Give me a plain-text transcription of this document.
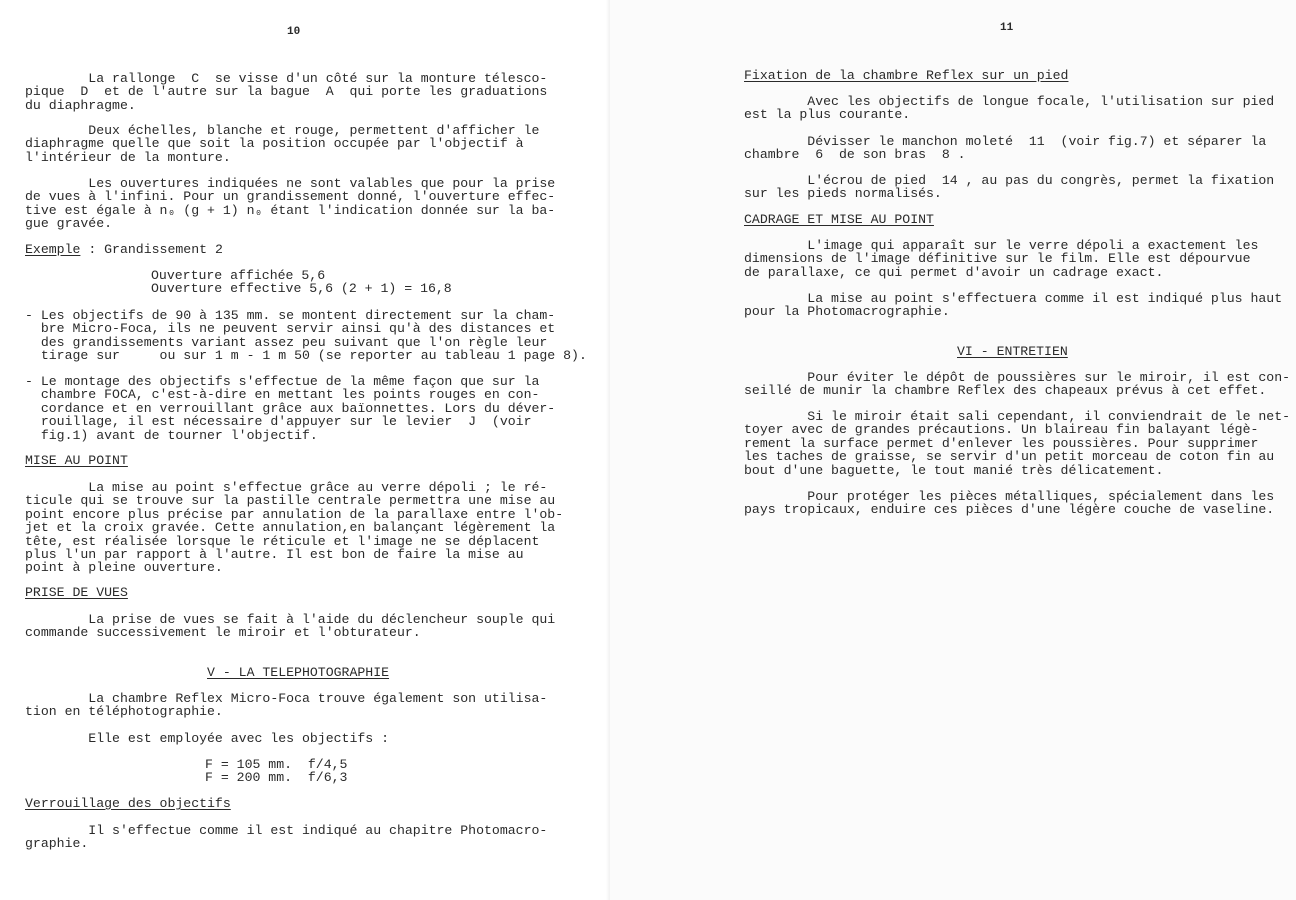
10
La rallonge  C  se visse d'un côté sur la monture télesco-
pique  D  et de l'autre sur la bague  A  qui porte les graduations
du diaphragme.
Deux échelles, blanche et rouge, permettent d'afficher le
diaphragme quelle que soit la position occupée par l'objectif à
l'intérieur de la monture.
Les ouvertures indiquées ne sont valables que pour la prise
de vues à l'infini. Pour un grandissement donné, l'ouverture effec-
tive est égale à n₀ (g + 1) n₀ étant l'indication donnée sur la ba-
gue gravée.
Exemple : Grandissement 2
Ouverture affichée 5,6
Ouverture effective 5,6 (2 + 1) = 16,8
- Les objectifs de 90 à 135 mm. se montent directement sur la cham-
bre Micro-Foca, ils ne peuvent servir ainsi qu'à des distances et
des grandissements variant assez peu suivant que l'on règle leur
tirage sur     ou sur 1 m - 1 m 50 (se reporter au tableau 1 page 8).
- Le montage des objectifs s'effectue de la même façon que sur la
chambre FOCA, c'est-à-dire en mettant les points rouges en con-
cordance et en verrouillant grâce aux baïonnettes. Lors du déver-
rouillage, il est nécessaire d'appuyer sur le levier  J  (voir
fig.1) avant de tourner l'objectif.
MISE AU POINT
La mise au point s'effectue grâce au verre dépoli ; le ré-
ticule qui se trouve sur la pastille centrale permettra une mise au
point encore plus précise par annulation de la parallaxe entre l'ob-
jet et la croix gravée. Cette annulation,en balançant légèrement la
tête, est réalisée lorsque le réticule et l'image ne se déplacent
plus l'un par rapport à l'autre. Il est bon de faire la mise au
point à pleine ouverture.
PRISE DE VUES
La prise de vues se fait à l'aide du déclencheur souple qui
commande successivement le miroir et l'obturateur.
V - LA TELEPHOTOGRAPHIE
La chambre Reflex Micro-Foca trouve également son utilisa-
tion en téléphotographie.
Elle est employée avec les objectifs :
F = 105 mm.  f/4,5
F = 200 mm.  f/6,3
Verrouillage des objectifs
Il s'effectue comme il est indiqué au chapitre Photomacro-
graphie.
11
Fixation de la chambre Reflex sur un pied
Avec les objectifs de longue focale, l'utilisation sur pied
est la plus courante.
Dévisser le manchon moleté  11  (voir fig.7) et séparer la
chambre  6  de son bras  8 .
L'écrou de pied  14 , au pas du congrès, permet la fixation
sur les pieds normalisés.
CADRAGE ET MISE AU POINT
L'image qui apparaît sur le verre dépoli a exactement les
dimensions de l'image définitive sur le film. Elle est dépourvue
de parallaxe, ce qui permet d'avoir un cadrage exact.
La mise au point s'effectuera comme il est indiqué plus haut
pour la Photomacrographie.
VI - ENTRETIEN
Pour éviter le dépôt de poussières sur le miroir, il est con-
seillé de munir la chambre Reflex des chapeaux prévus à cet effet.
Si le miroir était sali cependant, il conviendrait de le net-
toyer avec de grandes précautions. Un blaireau fin balayant légè-
rement la surface permet d'enlever les poussières. Pour supprimer
les taches de graisse, se servir d'un petit morceau de coton fin au
bout d'une baguette, le tout manié très délicatement.
Pour protéger les pièces métalliques, spécialement dans les
pays tropicaux, enduire ces pièces d'une légère couche de vaseline.
